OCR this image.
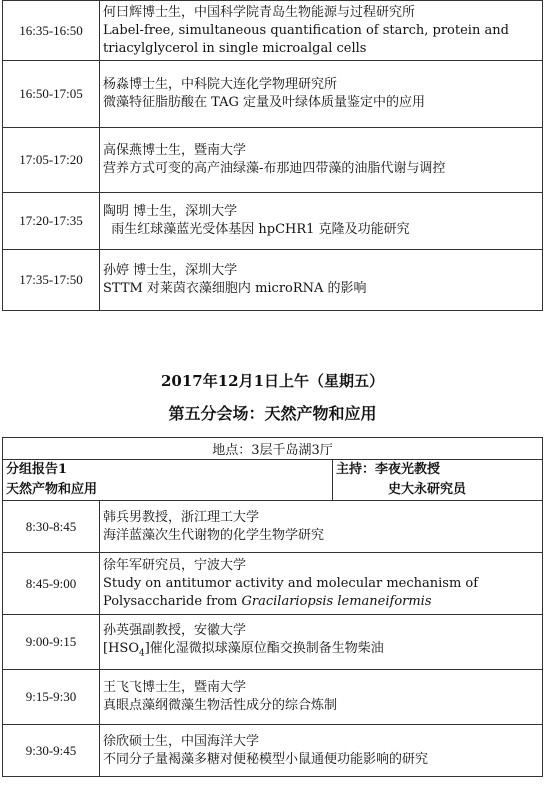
16:35-16:50	何曰辉博士生，中国科学院青岛生物能源与过程研究所
Label-free, simultaneous quantification of starch, protein and
triacylglycerol in single microalgal cells

16:50-17:05	杨淼博士生，中科院大连化学物理研究所
微藻特征脂肪酸在 TAG 定量及叶绿体质量鉴定中的应用

17:05-17:20	高保燕博士生，暨南大学
营养方式可变的高产油绿藻-布那迪四带藻的油脂代谢与调控

17:20-17:35	陶明 博士生，深圳大学
雨生红球藻蓝光受体基因 hpCHR1 克隆及功能研究

17:35-17:50	孙婷 博士生，深圳大学
STTM 对莱茵衣藻细胞内 microRNA 的影响
2017年12月1日上午（星期五）
第五分会场：天然产物和应用
地点：3层千岛湖3厅		

分组报告1
天然产物和应用		主持：李夜光教授
史大永研究员

8:30-8:45	韩兵男教授，浙江理工大学
海洋蓝藻次生代谢物的化学生物学研究	

8:45-9:00	徐年军研究员，宁波大学
Study on antitumor activity and molecular mechanism of
Polysaccharide from Gracilariopsis lemaneiformis	

9:00-9:15	孙英强副教授，安徽大学
$[HSO_4]$催化湿微拟球藻原位酯交换制备生物柴油	

9:15-9:30	王飞飞博士生，暨南大学
真眼点藻纲微藻生物活性成分的综合炼制	

9:30-9:45	徐欣硕士生，中国海洋大学
不同分子量褐藻多糖对便秘模型小鼠通便功能影响的研究	
